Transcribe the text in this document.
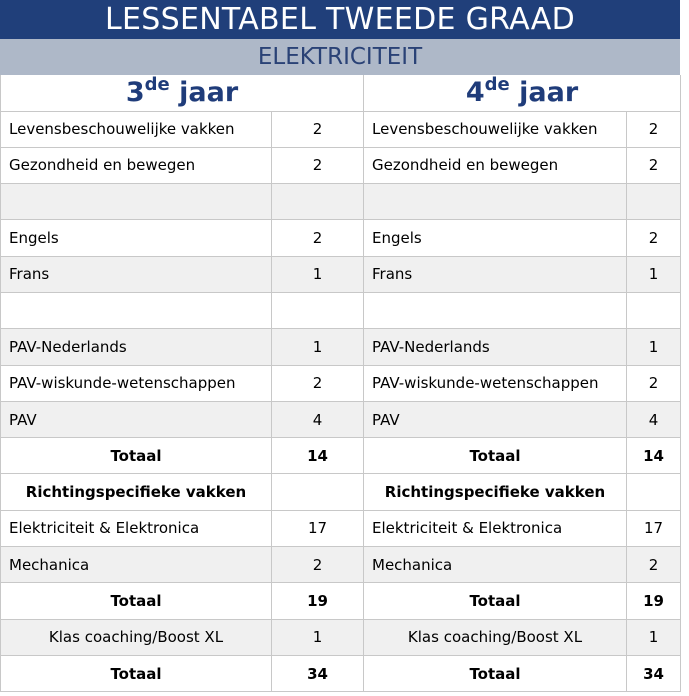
LESSENTABEL TWEEDE GRAAD
ELEKTRICITEIT
3de jaar		4de jaar	
Levensbeschouwelijke vakken	2	Levensbeschouwelijke vakken	2
Gezondheid en bewegen	2	Gezondheid en bewegen	2

Engels	2	Engels	2
Frans	1	Frans	1

PAV-Nederlands	1	PAV-Nederlands	1
PAV-wiskunde-wetenschappen	2	PAV-wiskunde-wetenschappen	2
PAV	4	PAV	4
Totaal	14	Totaal	14
Richtingspecifieke vakken		Richtingspecifieke vakken	
Elektriciteit & Elektronica	17	Elektriciteit & Elektronica	17
Mechanica	2	Mechanica	2
Totaal	19	Totaal	19
Klas coaching/Boost XL	1	Klas coaching/Boost XL	1
Totaal	34	Totaal	34
